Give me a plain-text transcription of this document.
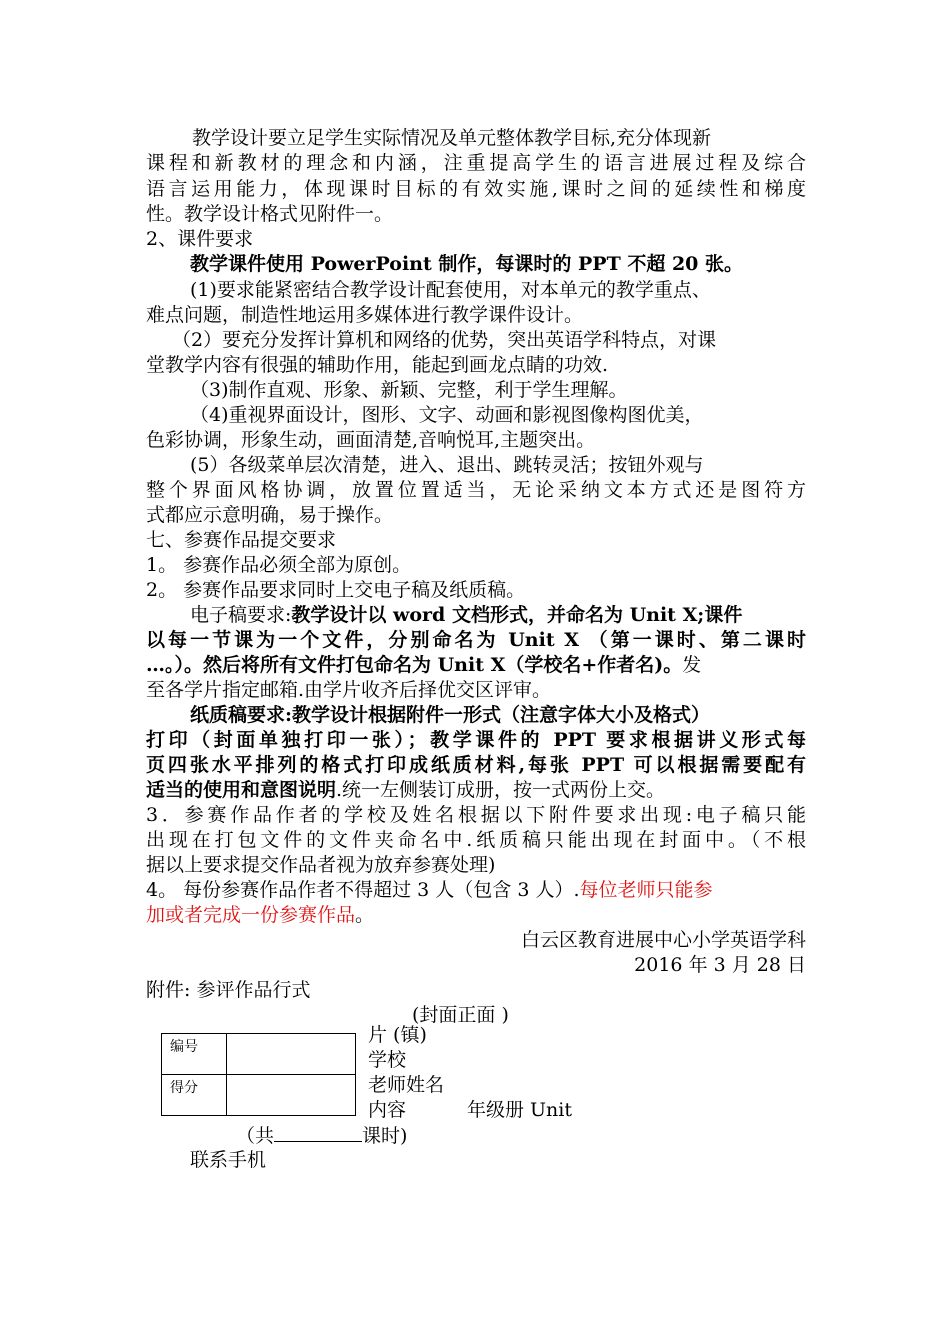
教学设计要立足学生实际情况及单元整体教学目标,充分体现新
课程和新教材的理念和内涵，注重提高学生的语言进展过程及综合
语言运用能力，体现课时目标的有效实施,课时之间的延续性和梯度
性。教学设计格式见附件一。
2、课件要求
教学课件使用 PowerPoint 制作，每课时的 PPT 不超 20 张。
(1)要求能紧密结合教学设计配套使用，对本单元的教学重点、
难点问题，制造性地运用多媒体进行教学课件设计。
（2）要充分发挥计算机和网络的优势，突出英语学科特点，对课
堂教学内容有很强的辅助作用，能起到画龙点睛的功效.
（3)制作直观、形象、新颖、完整，利于学生理解。
（4)重视界面设计，图形、文字、动画和影视图像构图优美，
色彩协调，形象生动，画面清楚,音响悦耳,主题突出。
(5）各级菜单层次清楚，进入、退出、跳转灵活；按钮外观与
整个界面风格协调，放置位置适当，无论采纳文本方式还是图符方
式都应示意明确，易于操作。
七、参赛作品提交要求
1。 参赛作品必须全部为原创。
2。 参赛作品要求同时上交电子稿及纸质稿。
电子稿要求:教学设计以 word 文档形式，并命名为 Unit X;课件
以每一节课为一个文件，分别命名为 Unit X （第一课时、第二课时
…。）。然后将所有文件打包命名为 Unit X（学校名+作者名)。发
至各学片指定邮箱.由学片收齐后择优交区评审。
纸质稿要求:教学设计根据附件一形式（注意字体大小及格式）
打印（封面单独打印一张）；教学课件的 PPT 要求根据讲义形式每
页四张水平排列的格式打印成纸质材料,每张 PPT 可以根据需要配有
适当的使用和意图说明.统一左侧装订成册，按一式两份上交。
3．参赛作品作者的学校及姓名根据以下附件要求出现:电子稿只能
出现在打包文件的文件夹命名中.纸质稿只能出现在封面中。（不根
据以上要求提交作品者视为放弃参赛处理)
4。 每份参赛作品作者不得超过 3 人（包含 3 人）.每位老师只能参
加或者完成一份参赛作品。
白云区教育进展中心小学英语学科
2016 年 3 月 28 日
附件: 参评作品行式
(封面正面 )
编号	
得分	
片 (镇)
学校
老师姓名
内容	年级册 Unit
（共	课时)
联系手机
